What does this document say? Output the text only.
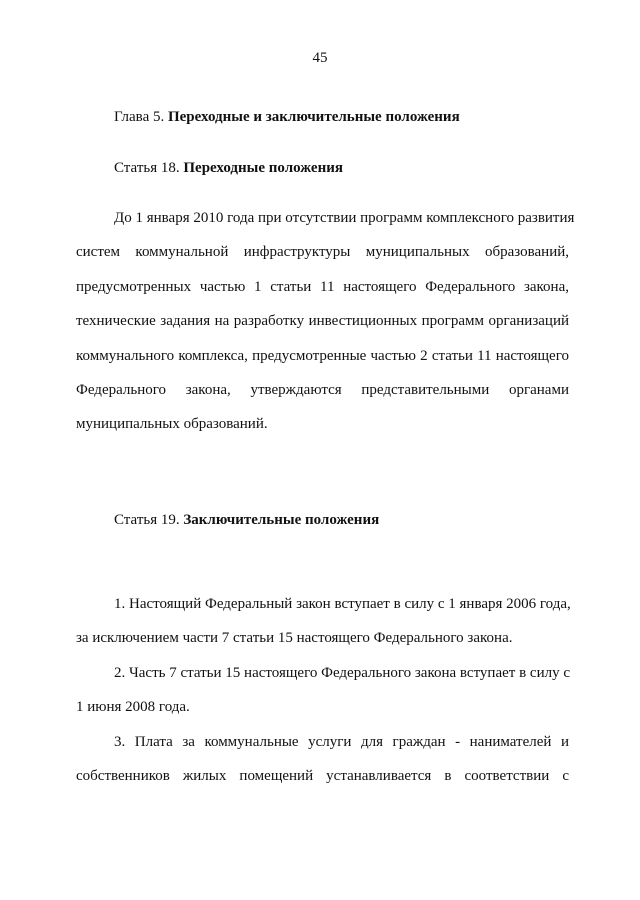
45
Глава 5. Переходные и заключительные положения
Статья 18. Переходные положения
До 1 января 2010 года при отсутствии программ комплексного развития
систем коммунальной инфраструктуры муниципальных образований,
предусмотренных частью 1 статьи 11 настоящего Федерального закона,
технические задания на разработку инвестиционных программ организаций
коммунального комплекса, предусмотренные частью 2 статьи 11 настоящего
Федерального закона, утверждаются представительными органами
муниципальных образований.
Статья 19. Заключительные положения
1. Настоящий Федеральный закон вступает в силу с 1 января 2006 года,
за исключением части 7 статьи 15 настоящего Федерального закона.
2. Часть 7 статьи 15 настоящего Федерального закона вступает в силу с
1 июня 2008 года.
3. Плата за коммунальные услуги для граждан - нанимателей и
собственников жилых помещений устанавливается в соответствии с
